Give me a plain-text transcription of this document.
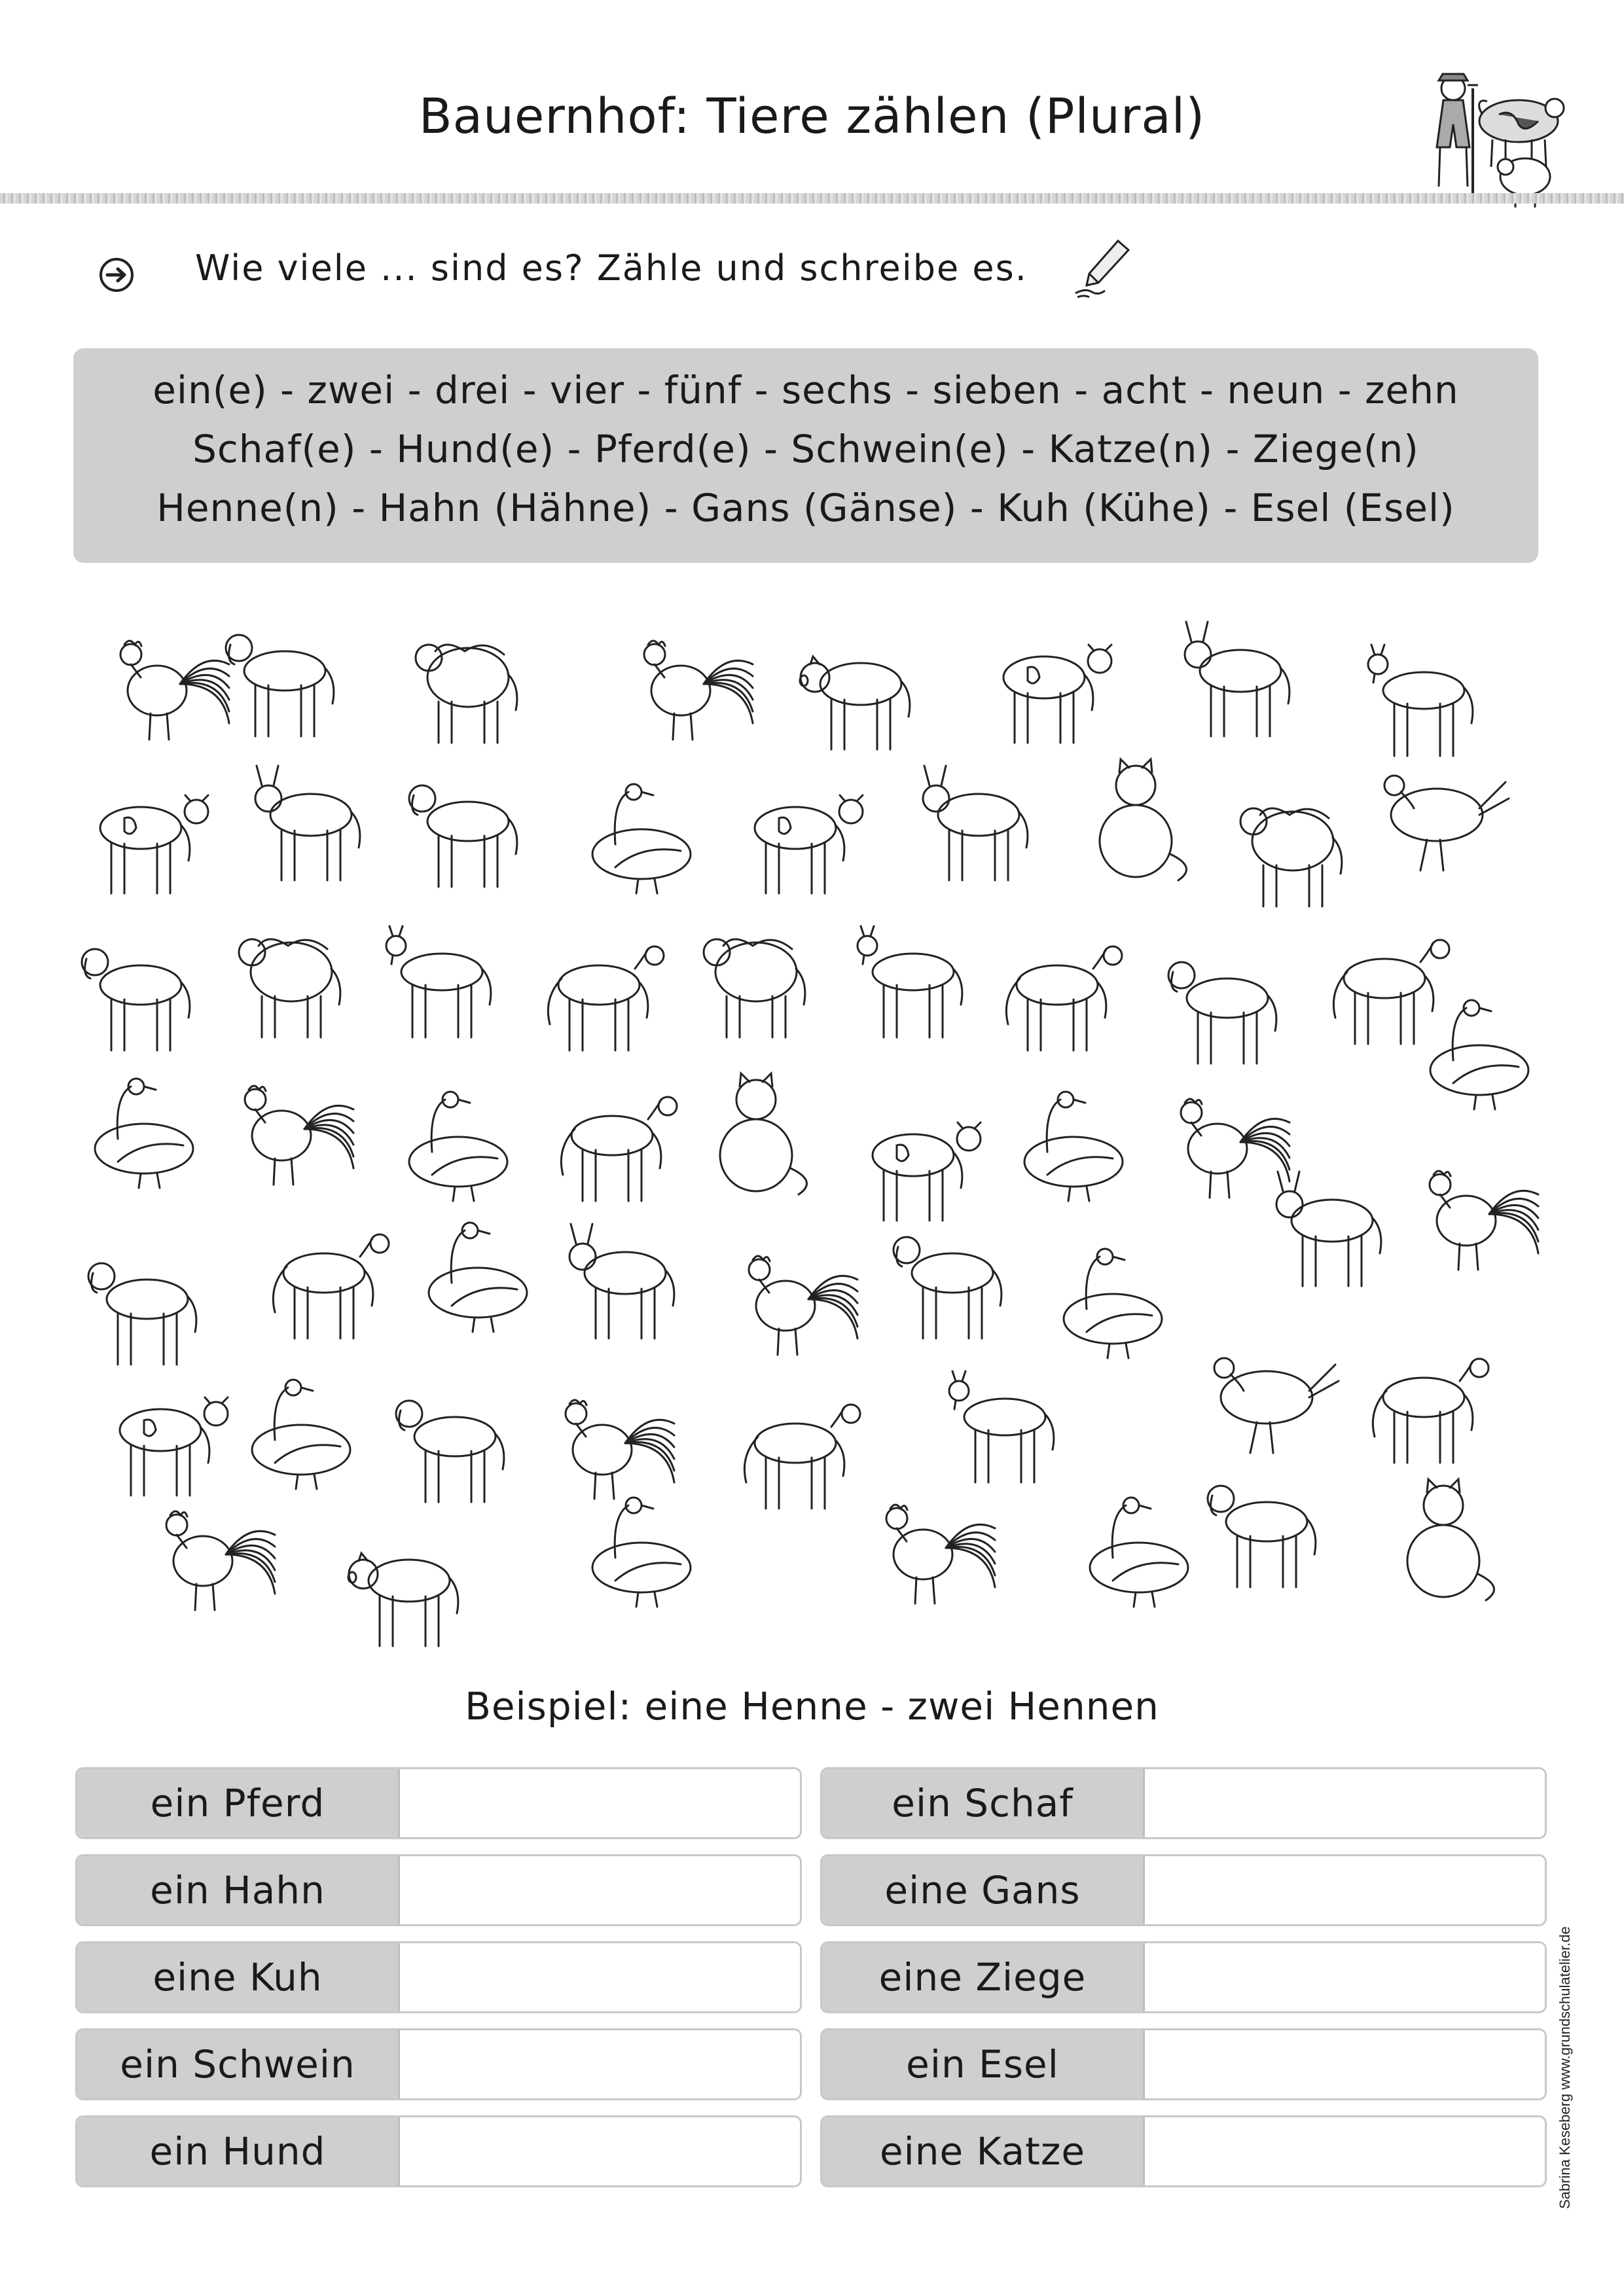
Bauernhof: Tiere zählen (Plural)
Wie viele ... sind es? Zähle und schreibe es.
ein(e) - zwei - drei - vier - fünf - sechs - sieben - acht - neun - zehn
Schaf(e) - Hund(e) - Pferd(e) - Schwein(e) - Katze(n) - Ziege(n)
Henne(n) - Hahn (Hähne) - Gans (Gänse) - Kuh (Kühe) - Esel (Esel)
Beispiel: eine Henne - zwei Hennen
ein Pferd
ein Hahn
eine Kuh
ein Schwein
ein Hund
ein Schaf
eine Gans
eine Ziege
ein Esel
eine Katze	Sabrina Keseberg www.grundschulatelier.de
